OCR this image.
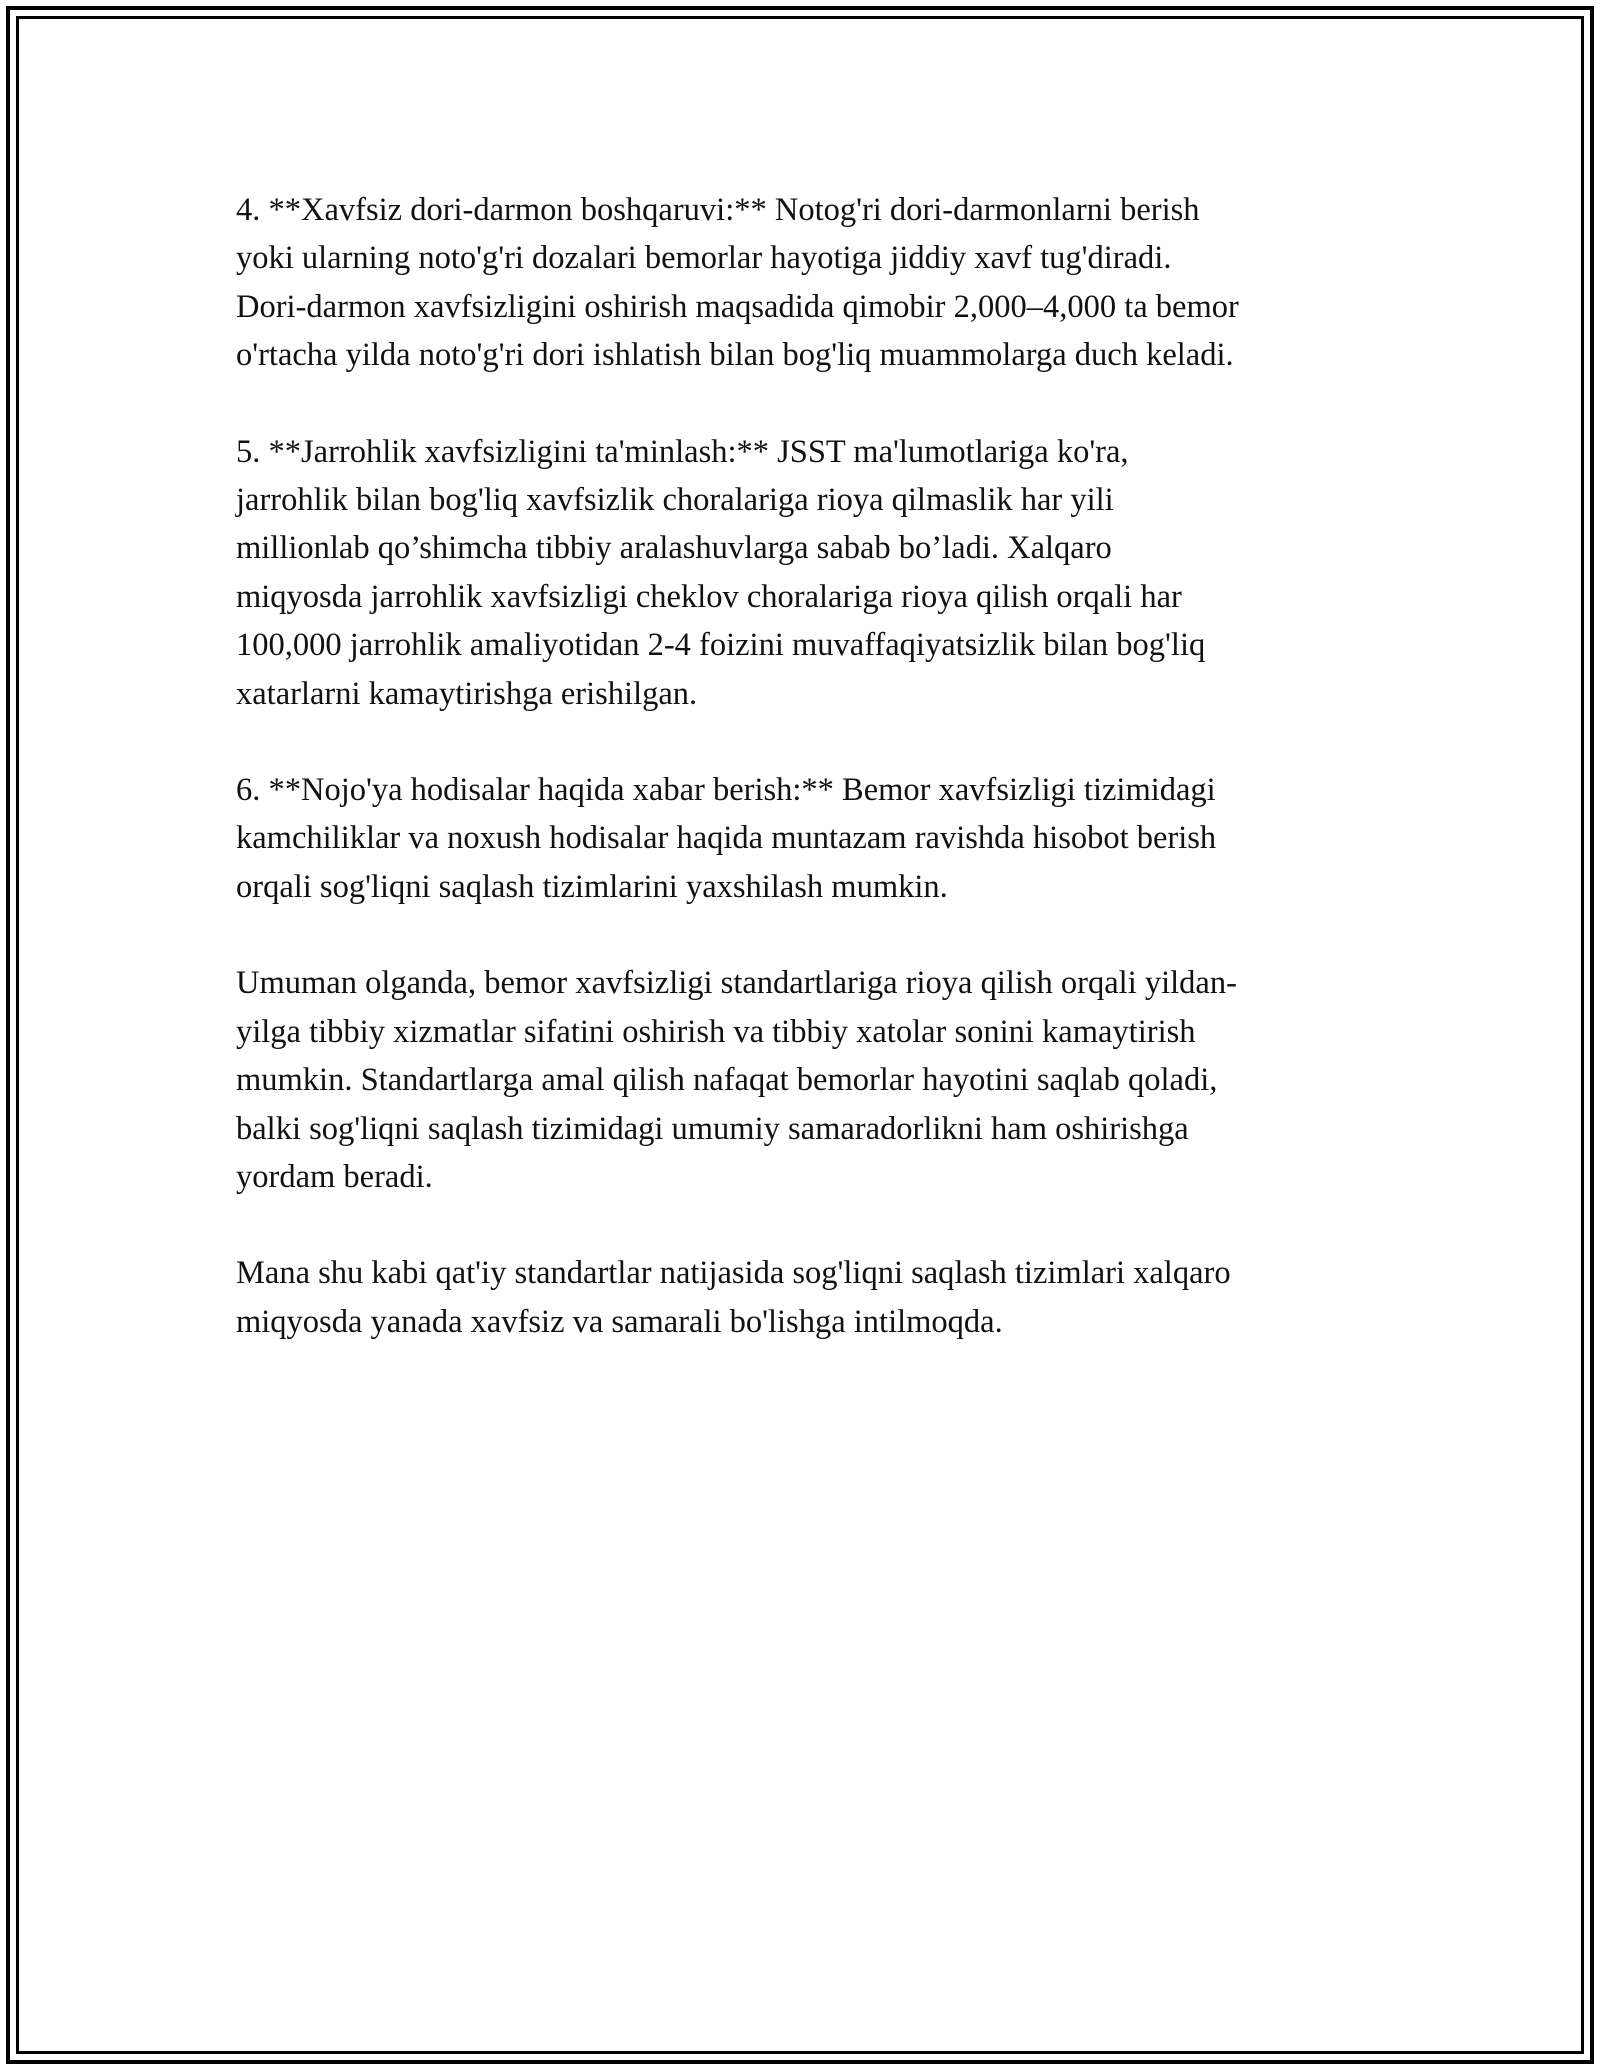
4. **Xavfsiz dori-darmon boshqaruvi:** Notog'ri dori-darmonlarni berish
yoki ularning noto'g'ri dozalari bemorlar hayotiga jiddiy xavf tug'diradi.
Dori-darmon xavfsizligini oshirish maqsadida qimobir 2,000–4,000 ta bemor
o'rtacha yilda noto'g'ri dori ishlatish bilan bog'liq muammolarga duch keladi.

5. **Jarrohlik xavfsizligini ta'minlash:** JSST ma'lumotlariga ko'ra,
jarrohlik bilan bog'liq xavfsizlik choralariga rioya qilmaslik har yili
millionlab qo’shimcha tibbiy aralashuvlarga sabab bo’ladi. Xalqaro
miqyosda jarrohlik xavfsizligi cheklov choralariga rioya qilish orqali har
100,000 jarrohlik amaliyotidan 2-4 foizini muvaffaqiyatsizlik bilan bog'liq
xatarlarni kamaytirishga erishilgan.

6. **Nojo'ya hodisalar haqida xabar berish:** Bemor xavfsizligi tizimidagi
kamchiliklar va noxush hodisalar haqida muntazam ravishda hisobot berish
orqali sog'liqni saqlash tizimlarini yaxshilash mumkin.

Umuman olganda, bemor xavfsizligi standartlariga rioya qilish orqali yildan-
yilga tibbiy xizmatlar sifatini oshirish va tibbiy xatolar sonini kamaytirish
mumkin. Standartlarga amal qilish nafaqat bemorlar hayotini saqlab qoladi,
balki sog'liqni saqlash tizimidagi umumiy samaradorlikni ham oshirishga
yordam beradi.

Mana shu kabi qat'iy standartlar natijasida sog'liqni saqlash tizimlari xalqaro
miqyosda yanada xavfsiz va samarali bo'lishga intilmoqda.
